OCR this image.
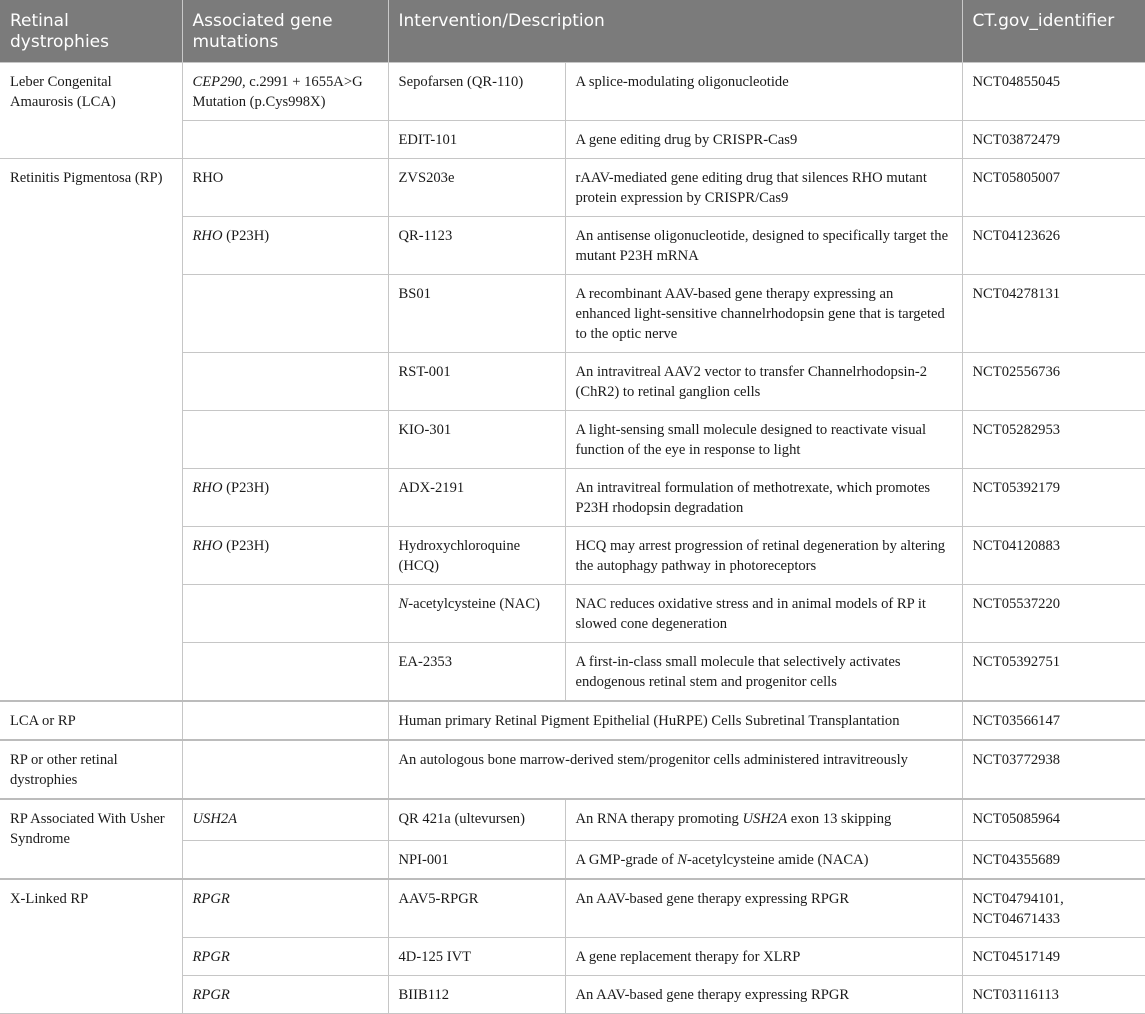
Retinal dystrophies	Associated gene mutations	Intervention/Description		CT.gov_identifier
Leber Congenital Amaurosis (LCA)	CEP290, c.2991 + 1655A>G Mutation (p.Cys998X)	Sepofarsen (QR-110)	A splice-modulating oligonucleotide	NCT04855045
		EDIT-101	A gene editing drug by CRISPR-Cas9	NCT03872479
Retinitis Pigmentosa (RP)	RHO	ZVS203e	rAAV-mediated gene editing drug that silences RHO mutant protein expression by CRISPR/Cas9	NCT05805007
	RHO (P23H)	QR-1123	An antisense oligonucleotide, designed to specifically target the mutant P23H mRNA	NCT04123626
		BS01	A recombinant AAV-based gene therapy expressing an enhanced light-sensitive channelrhodopsin gene that is targeted to the optic nerve	NCT04278131
		RST-001	An intravitreal AAV2 vector to transfer Channelrhodopsin-2 (ChR2) to retinal ganglion cells	NCT02556736
		KIO-301	A light-sensing small molecule designed to reactivate visual function of the eye in response to light	NCT05282953
	RHO (P23H)	ADX-2191	An intravitreal formulation of methotrexate, which promotes P23H rhodopsin degradation	NCT05392179
	RHO (P23H)	Hydroxychloroquine (HCQ)	HCQ may arrest progression of retinal degeneration by altering the autophagy pathway in photoreceptors	NCT04120883
		N-acetylcysteine (NAC)	NAC reduces oxidative stress and in animal models of RP it slowed cone degeneration	NCT05537220
		EA-2353	A first-in-class small molecule that selectively activates endogenous retinal stem and progenitor cells	NCT05392751
LCA or RP		Human primary Retinal Pigment Epithelial (HuRPE) Cells Subretinal Transplantation		NCT03566147
RP or other retinal dystrophies		An autologous bone marrow-derived stem/progenitor cells administered intravitreously		NCT03772938
RP Associated With Usher Syndrome	USH2A	QR 421a (ultevursen)	An RNA therapy promoting USH2A exon 13 skipping	NCT05085964
		NPI-001	A GMP-grade of N-acetylcysteine amide (NACA)	NCT04355689
X-Linked RP	RPGR	AAV5-RPGR	An AAV-based gene therapy expressing RPGR	NCT04794101, NCT04671433
	RPGR	4D-125 IVT	A gene replacement therapy for XLRP	NCT04517149
	RPGR	BIIB112	An AAV-based gene therapy expressing RPGR	NCT03116113
